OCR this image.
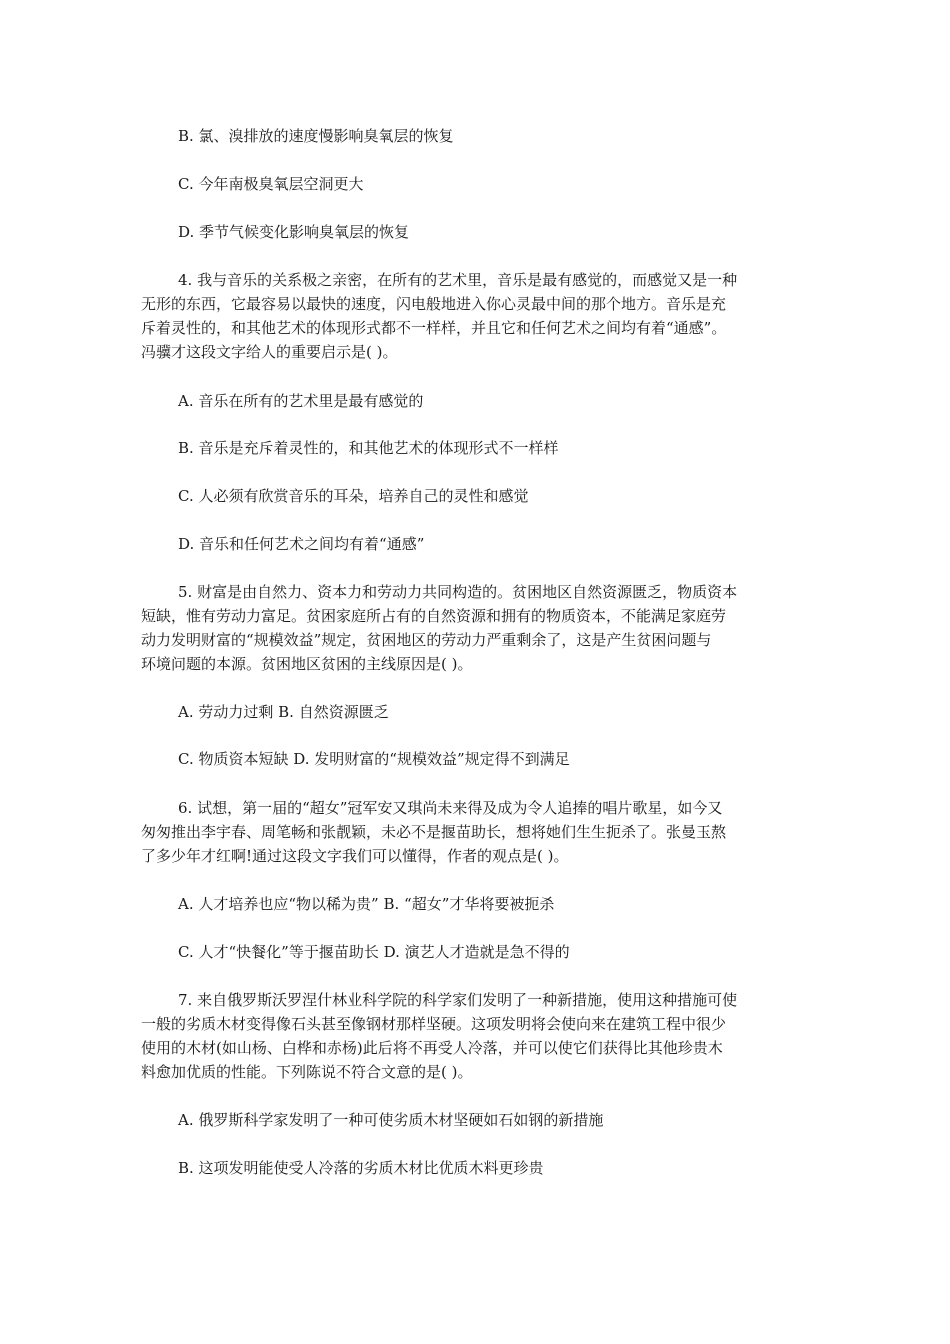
B. 氯、溴排放的速度慢影响臭氧层的恢复
C. 今年南极臭氧层空洞更大
D. 季节气候变化影响臭氧层的恢复
4. 我与音乐的关系极之亲密，在所有的艺术里，音乐是最有感觉的，而感觉又是一种
无形的东西，它最容易以最快的速度，闪电般地进入你心灵最中间的那个地方。音乐是充
斥着灵性的，和其他艺术的体现形式都不一样样，并且它和任何艺术之间均有着“通感”。
冯骥才这段文字给人的重要启示是( )。
A. 音乐在所有的艺术里是最有感觉的
B. 音乐是充斥着灵性的，和其他艺术的体现形式不一样样
C. 人必须有欣赏音乐的耳朵，培养自己的灵性和感觉
D. 音乐和任何艺术之间均有着“通感”
5. 财富是由自然力、资本力和劳动力共同构造的。贫困地区自然资源匮乏，物质资本
短缺，惟有劳动力富足。贫困家庭所占有的自然资源和拥有的物质资本，不能满足家庭劳
动力发明财富的“规模效益”规定，贫困地区的劳动力严重剩余了，这是产生贫困问题与
环境问题的本源。贫困地区贫困的主线原因是( )。
A. 劳动力过剩 B. 自然资源匮乏
C. 物质资本短缺 D. 发明财富的“规模效益”规定得不到满足
6. 试想，第一届的“超女”冠军安又琪尚未来得及成为令人追捧的唱片歌星，如今又
匆匆推出李宇春、周笔畅和张靓颖，未必不是揠苗助长，想将她们生生扼杀了。张曼玉熬
了多少年才红啊!通过这段文字我们可以懂得，作者的观点是( )。
A. 人才培养也应“物以稀为贵” B. “超女”才华将要被扼杀
C. 人才“快餐化”等于揠苗助长 D. 演艺人才造就是急不得的
7. 来自俄罗斯沃罗涅什林业科学院的科学家们发明了一种新措施，使用这种措施可使
一般的劣质木材变得像石头甚至像钢材那样坚硬。这项发明将会使向来在建筑工程中很少
使用的木材(如山杨、白桦和赤杨)此后将不再受人冷落，并可以使它们获得比其他珍贵木
料愈加优质的性能。下列陈说不符合文意的是( )。
A. 俄罗斯科学家发明了一种可使劣质木材坚硬如石如钢的新措施
B. 这项发明能使受人冷落的劣质木材比优质木料更珍贵
